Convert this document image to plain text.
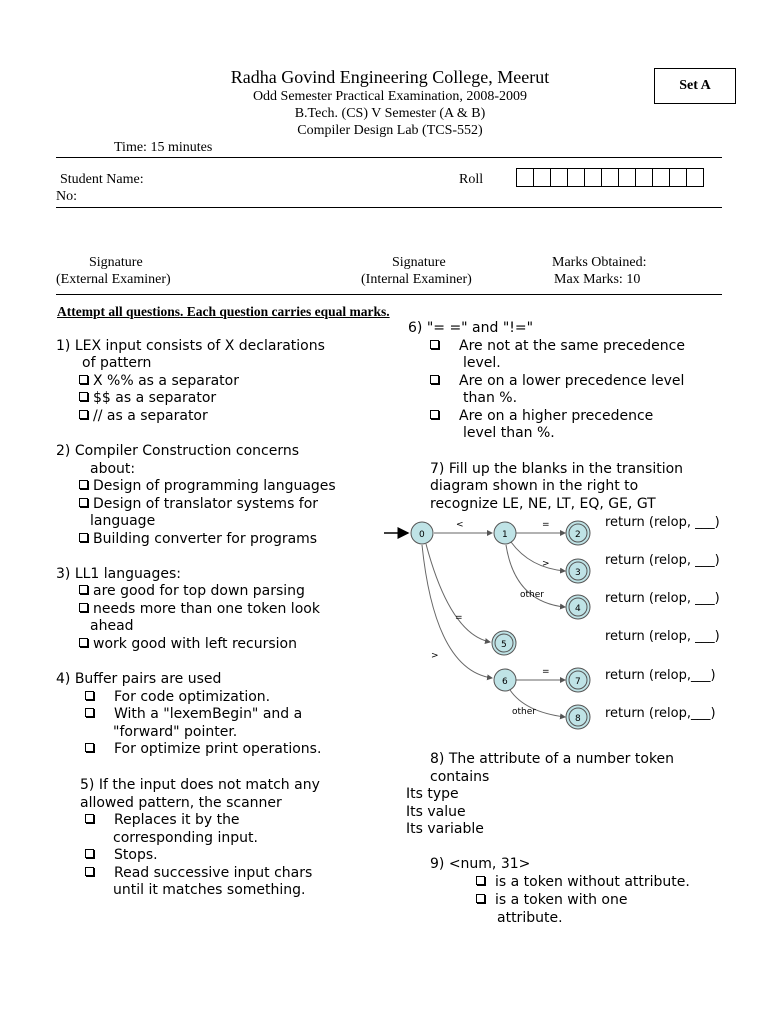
Radha Govind Engineering College, Meerut
Odd Semester Practical Examination, 2008-2009
B.Tech. (CS) V Semester (A & B)
Compiler Design Lab (TCS-552)
Set A
Time: 15 minutes
Student Name:	Roll
No:
Signature
(External Examiner)
Signature
(Internal Examiner)
Marks Obtained:
Max Marks: 10
Attempt all questions. Each question carries equal marks.
1) LEX input consists of X declarations
of pattern
X %% as a separator
$$ as a separator
// as a separator
2) Compiler Construction concerns
about:
Design of programming languages
Design of translator systems for
language
Building converter for programs
3) LL1 languages:
are good for top down parsing
needs more than one token look
ahead
work good with left recursion
4) Buffer pairs are used
For code optimization.
With a "lexemBegin" and a
"forward" pointer.
For optimize print operations.
5) If the input does not match any
allowed pattern, the scanner
Replaces it by the
corresponding input.
Stops.
Read successive input chars
until it matches something.
6) "= =" and "!="
Are not at the same precedence
level.
Are on a lower precedence level
than %.
Are on a higher precedence
level than %.
7) Fill up the blanks in the transition
diagram shown in the right to
recognize LE, NE, LT, EQ, GE, GT
<	=
>
other
=
>
=
other
0	1	2
3
4
5
6	7
8
return (relop, ___)
return (relop, ___)
return (relop, ___)
return (relop, ___)
return (relop,___)
return (relop,___)
8) The attribute of a number token
contains
Its type
Its value
Its variable
9) <num, 31>
is a token without attribute.
is a token with one
attribute.
